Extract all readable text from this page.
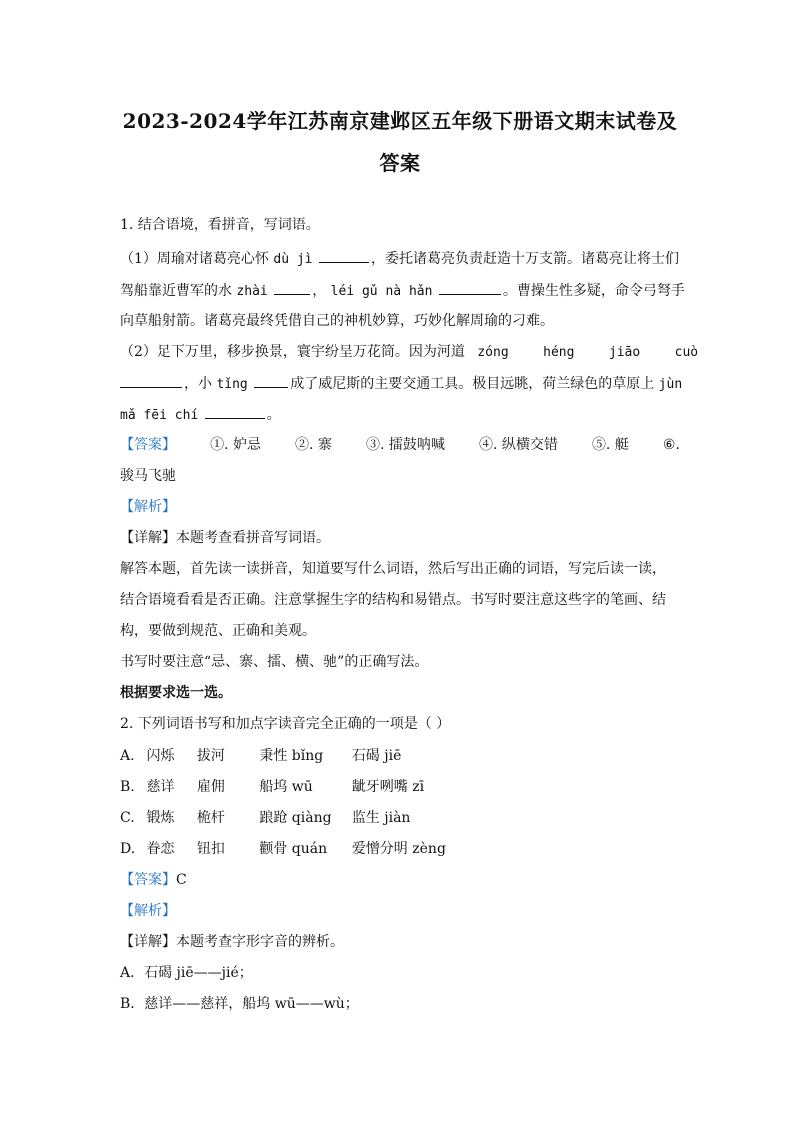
2023-2024学年江苏南京建邺区五年级下册语文期末试卷及
答案
1. 结合语境，看拼音，写词语。
（1）周瑜对诸葛亮心怀 dù jì	，委托诸葛亮负责赶造十万支箭。诸葛亮让将士们
驾船靠近曹军的水 zhài	， léi gǔ nà hǎn	。曹操生性多疑，命令弓弩手
向草船射箭。诸葛亮最终凭借自己的神机妙算，巧妙化解周瑜的刁难。
（2）足下万里，移步换景，寰宇纷呈万花筒。因为河道 zóng	héng	jiāo	cuò
，小 tǐng	成了威尼斯的主要交通工具。极目远眺，荷兰绿色的草原上 jùn
mǎ fēi chí	。
【答案】 ①. 妒忌 ②. 寨 ③. 擂鼓呐喊 ④. 纵横交错 ⑤. 艇 ⑥.
骏马飞驰
【解析】
【详解】本题考查看拼音写词语。
解答本题，首先读一读拼音，知道要写什么词语，然后写出正确的词语，写完后读一读，
结合语境看看是否正确。注意掌握生字的结构和易错点。书写时要注意这些字的笔画、结
构，要做到规范、正确和美观。
书写时要注意“忌、寨、擂、横、驰”的正确写法。
根据要求选一选。
2. 下列词语书写和加点字读音完全正确的一项是（ ）
A. 闪烁 拔河 秉性 bǐng 石碣 jiē
B. 慈详 雇佣 船坞 wū	龇牙咧嘴 zī
C. 锻炼 桅杆 踉跄 qiàng 监生 jiàn
D. 眷恋 钮扣 颧骨 quán 爱憎分明 zèng
【答案】C
【解析】
【详解】本题考查字形字音的辨析。
A．石碣 jiē——jié；
B．慈详——慈祥，船坞 wū——wù；
